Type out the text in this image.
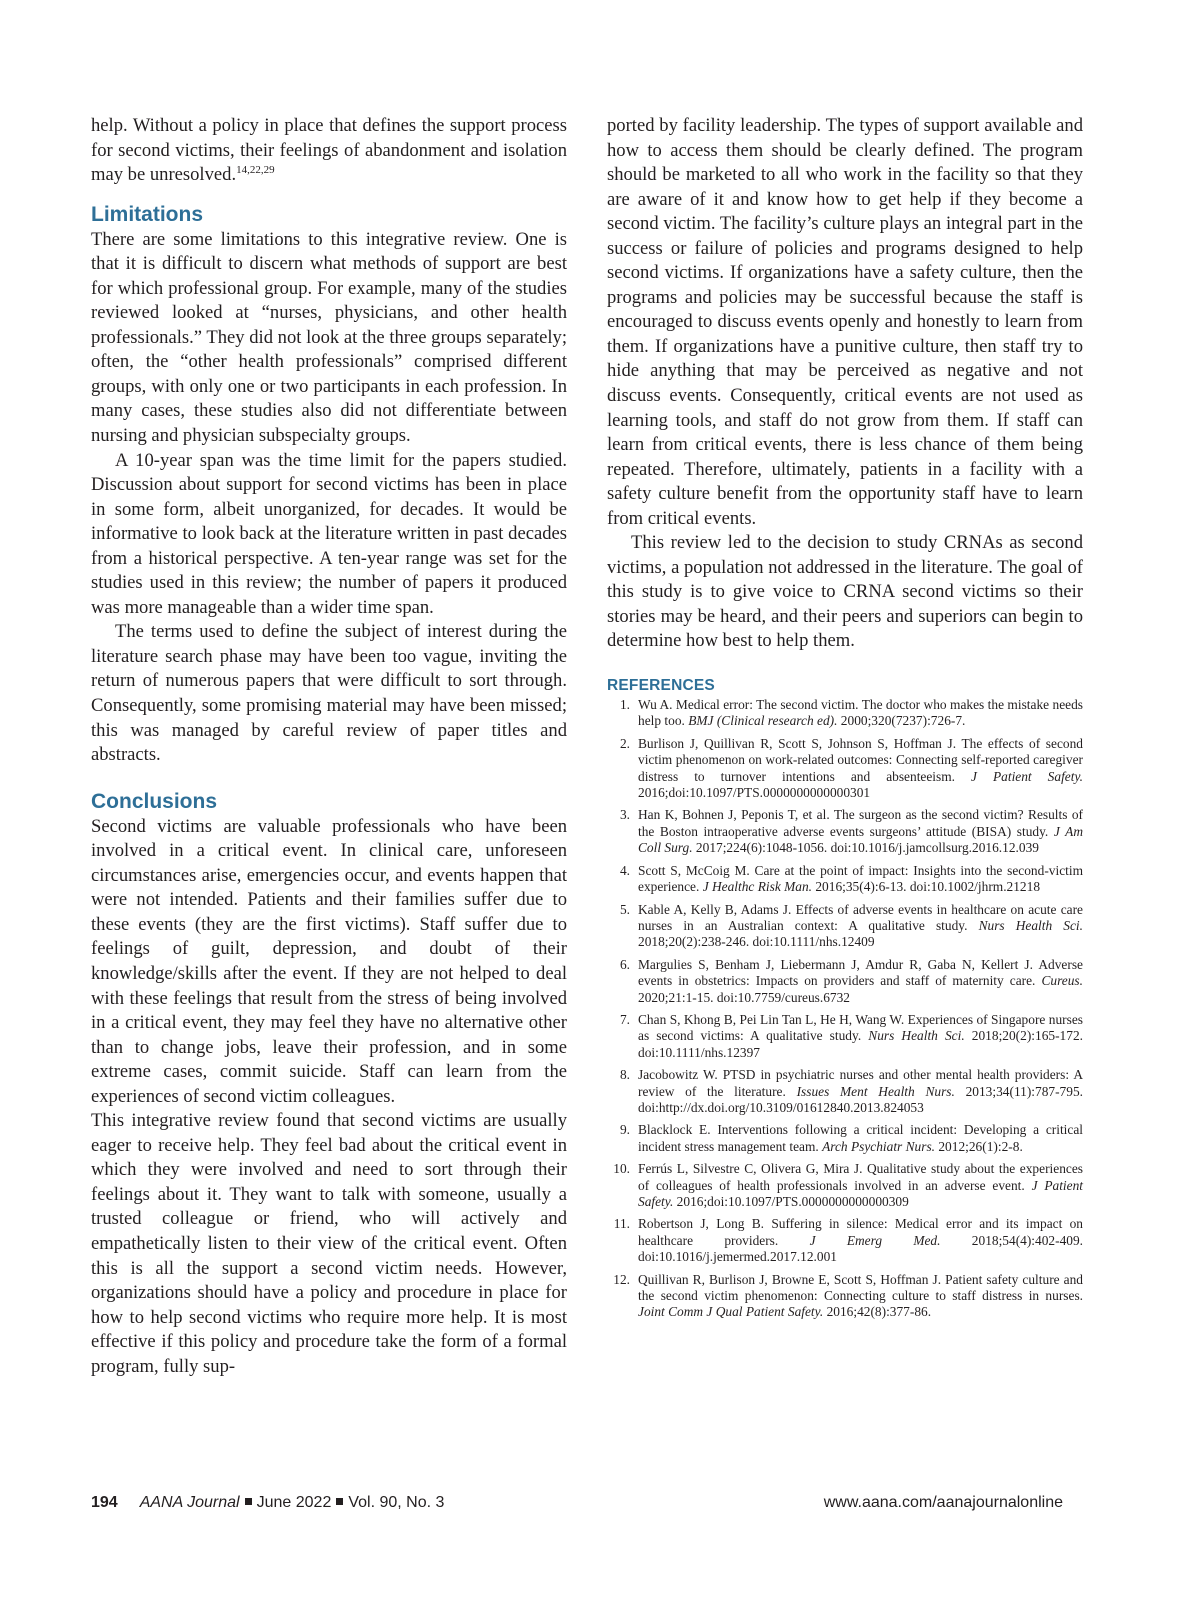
help. Without a policy in place that defines the support process for second victims, their feelings of abandonment and isolation may be unresolved.$^{14,22,29}$

Limitations

There are some limitations to this integrative review. One is that it is difficult to discern what methods of support are best for which professional group. For example, many of the studies reviewed looked at “nurses, physicians, and other health professionals.” They did not look at the three groups separately; often, the “other health professionals” comprised different groups, with only one or two participants in each profession. In many cases, these studies also did not differentiate between nursing and physician subspecialty groups.

A 10-year span was the time limit for the papers studied. Discussion about support for second victims has been in place in some form, albeit unorganized, for decades. It would be informative to look back at the literature written in past decades from a historical perspective. A ten-year range was set for the studies used in this review; the number of papers it produced was more manageable than a wider time span.

The terms used to define the subject of interest during the literature search phase may have been too vague, inviting the return of numerous papers that were difficult to sort through. Consequently, some promising material may have been missed; this was managed by careful review of paper titles and abstracts.

Conclusions

Second victims are valuable professionals who have been involved in a critical event. In clinical care, unforeseen circumstances arise, emergencies occur, and events happen that were not intended. Patients and their families suffer due to these events (they are the first victims). Staff suffer due to feelings of guilt, depression, and doubt of their knowledge/skills after the event. If they are not helped to deal with these feelings that result from the stress of being involved in a critical event, they may feel they have no alternative other than to change jobs, leave their profession, and in some extreme cases, commit suicide. Staff can learn from the experiences of second victim colleagues.

This integrative review found that second victims are usually eager to receive help. They feel bad about the critical event in which they were involved and need to sort through their feelings about it. They want to talk with someone, usually a trusted colleague or friend, who will actively and empathetically listen to their view of the critical event. Often this is all the support a second victim needs. However, organizations should have a policy and procedure in place for how to help second victims who require more help. It is most effective if this policy and procedure take the form of a formal program, fully sup-

ported by facility leadership. The types of support available and how to access them should be clearly defined. The program should be marketed to all who work in the facility so that they are aware of it and know how to get help if they become a second victim. The facility’s culture plays an integral part in the success or failure of policies and programs designed to help second victims. If organizations have a safety culture, then the programs and policies may be successful because the staff is encouraged to discuss events openly and honestly to learn from them. If organizations have a punitive culture, then staff try to hide anything that may be perceived as negative and not discuss events. Consequently, critical events are not used as learning tools, and staff do not grow from them. If staff can learn from critical events, there is less chance of them being repeated. Therefore, ultimately, patients in a facility with a safety culture benefit from the opportunity staff have to learn from critical events.

This review led to the decision to study CRNAs as second victims, a population not addressed in the literature. The goal of this study is to give voice to CRNA second victims so their stories may be heard, and their peers and superiors can begin to determine how best to help them.

REFERENCES
1. Wu A. Medical error: The second victim. The doctor who makes the mistake needs help too. BMJ (Clinical research ed). 2000;320(7237):726-7.
2. Burlison J, Quillivan R, Scott S, Johnson S, Hoffman J. The effects of second victim phenomenon on work-related outcomes: Connecting self-reported caregiver distress to turnover intentions and absenteeism. J Patient Safety. 2016;doi:10.1097/PTS.0000000000000301
3. Han K, Bohnen J, Peponis T, et al. The surgeon as the second victim? Results of the Boston intraoperative adverse events surgeons’ attitude (BISA) study. J Am Coll Surg. 2017;224(6):1048-1056. doi:10.1016/j.jamcollsurg.2016.12.039
4. Scott S, McCoig M. Care at the point of impact: Insights into the second-victim experience. J Healthc Risk Man. 2016;35(4):6-13. doi:10.1002/jhrm.21218
5. Kable A, Kelly B, Adams J. Effects of adverse events in healthcare on acute care nurses in an Australian context: A qualitative study. Nurs Health Sci. 2018;20(2):238-246. doi:10.1111/nhs.12409
6. Margulies S, Benham J, Liebermann J, Amdur R, Gaba N, Kellert J. Adverse events in obstetrics: Impacts on providers and staff of maternity care. Cureus. 2020;21:1-15. doi:10.7759/cureus.6732
7. Chan S, Khong B, Pei Lin Tan L, He H, Wang W. Experiences of Singapore nurses as second victims: A qualitative study. Nurs Health Sci. 2018;20(2):165-172. doi:10.1111/nhs.12397
8. Jacobowitz W. PTSD in psychiatric nurses and other mental health providers: A review of the literature. Issues Ment Health Nurs. 2013;34(11):787-795. doi:http://dx.doi.org/10.3109/01612840.2013.824053
9. Blacklock E. Interventions following a critical incident: Developing a critical incident stress management team. Arch Psychiatr Nurs. 2012;26(1):2-8.
10. Ferrús L, Silvestre C, Olivera G, Mira J. Qualitative study about the experiences of colleagues of health professionals involved in an adverse event. J Patient Safety. 2016;doi:10.1097/PTS.0000000000000309
11. Robertson J, Long B. Suffering in silence: Medical error and its impact on healthcare providers. J Emerg Med. 2018;54(4):402-409. doi:10.1016/j.jemermed.2017.12.001
12. Quillivan R, Burlison J, Browne E, Scott S, Hoffman J. Patient safety culture and the second victim phenomenon: Connecting culture to staff distress in nurses. Joint Comm J Qual Patient Safety. 2016;42(8):377-86.
194 AANA Journal June 2022 Vol. 90, No. 3	www.aana.com/aanajournalonline
